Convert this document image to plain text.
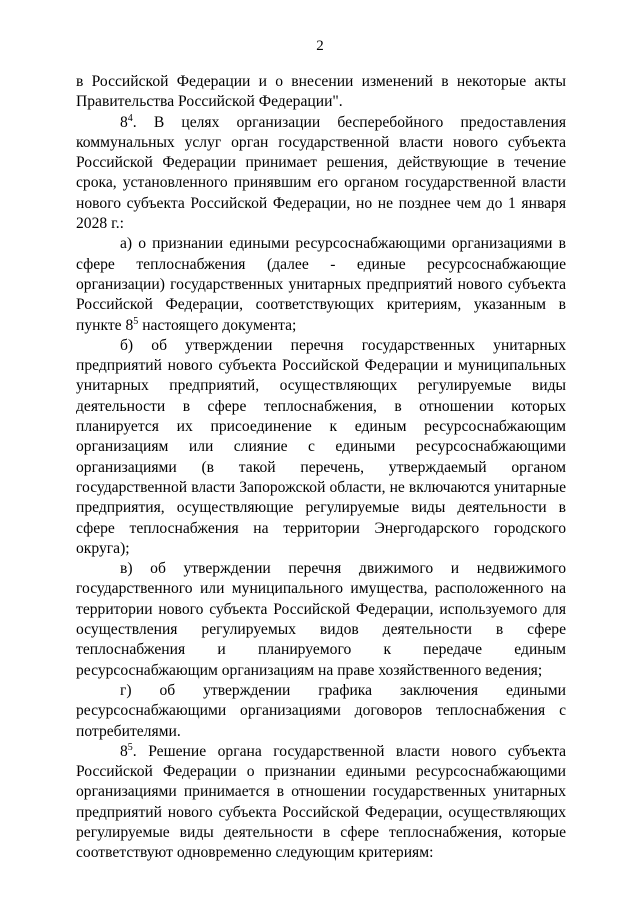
2

в Российской Федерации и о внесении изменений в некоторые акты Правительства Российской Федерации".

$8^4$. В целях организации бесперебойного предоставления коммунальных услуг орган государственной власти нового субъекта Российской Федерации принимает решения, действующие в течение срока, установленного принявшим его органом государственной власти нового субъекта Российской Федерации, но не позднее чем до 1 января 2028 г.:

а) о признании едиными ресурсоснабжающими организациями в сфере теплоснабжения (далее - единые ресурсоснабжающие организации) государственных унитарных предприятий нового субъекта Российской Федерации, соответствующих критериям, указанным в пункте $8^5$ настоящего документа;

б) об утверждении перечня государственных унитарных предприятий нового субъекта Российской Федерации и муниципальных унитарных предприятий, осуществляющих регулируемые виды деятельности в сфере теплоснабжения, в отношении которых планируется их присоединение к единым ресурсоснабжающим организациям или слияние с едиными ресурсоснабжающими организациями (в такой перечень, утверждаемый органом государственной власти Запорожской области, не включаются унитарные предприятия, осуществляющие регулируемые виды деятельности в сфере теплоснабжения на территории Энергодарского городского округа);

в) об утверждении перечня движимого и недвижимого государственного или муниципального имущества, расположенного на территории нового субъекта Российской Федерации, используемого для осуществления регулируемых видов деятельности в сфере теплоснабжения и планируемого к передаче единым ресурсоснабжающим организациям на праве хозяйственного ведения;

г) об утверждении графика заключения едиными ресурсоснабжающими организациями договоров теплоснабжения с потребителями.

$8^5$. Решение органа государственной власти нового субъекта Российской Федерации о признании едиными ресурсоснабжающими организациями принимается в отношении государственных унитарных предприятий нового субъекта Российской Федерации, осуществляющих регулируемые виды деятельности в сфере теплоснабжения, которые соответствуют одновременно следующим критериям:
